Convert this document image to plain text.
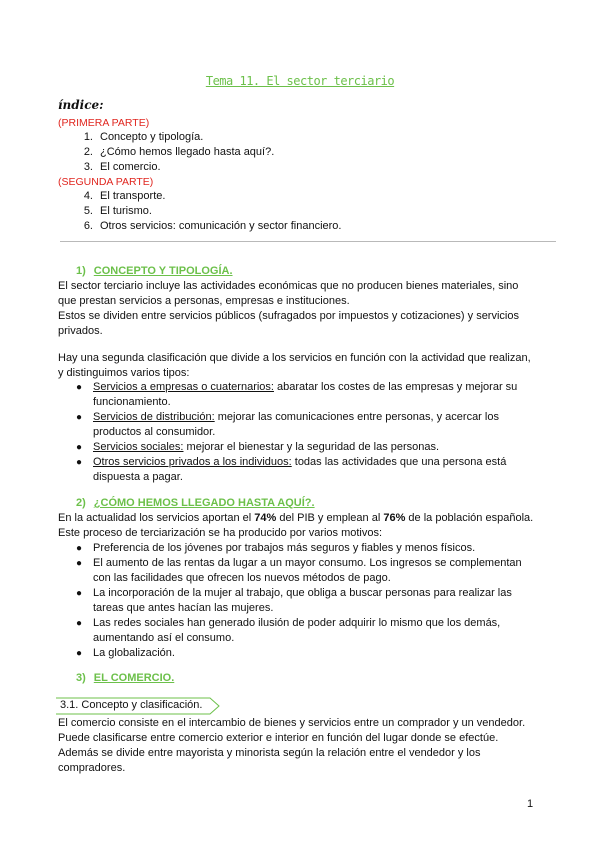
Tema 11. El sector terciario
índice:
(PRIMERA PARTE)
1. Concepto y tipología.
2. ¿Cómo hemos llegado hasta aquí?.
3. El comercio.
(SEGUNDA PARTE)
4. El transporte.
5. El turismo.
6. Otros servicios: comunicación y sector financiero.
1) CONCEPTO Y TIPOLOGÍA.
El sector terciario incluye las actividades económicas que no producen bienes materiales, sino
que prestan servicios a personas, empresas e instituciones.
Estos se dividen entre servicios públicos (sufragados por impuestos y cotizaciones) y servicios
privados.
Hay una segunda clasificación que divide a los servicios en función con la actividad que realizan,
y distinguimos varios tipos:
● Servicios a empresas o cuaternarios: abaratar los costes de las empresas y mejorar su
funcionamiento.
● Servicios de distribución: mejorar las comunicaciones entre personas, y acercar los
productos al consumidor.
● Servicios sociales: mejorar el bienestar y la seguridad de las personas.
● Otros servicios privados a los individuos: todas las actividades que una persona está
dispuesta a pagar.
2) ¿CÓMO HEMOS LLEGADO HASTA AQUÍ?.
En la actualidad los servicios aportan el 74% del PIB y emplean al 76% de la población española.
Este proceso de terciarización se ha producido por varios motivos:
● Preferencia de los jóvenes por trabajos más seguros y fiables y menos físicos.
● El aumento de las rentas da lugar a un mayor consumo. Los ingresos se complementan
con las facilidades que ofrecen los nuevos métodos de pago.
● La incorporación de la mujer al trabajo, que obliga a buscar personas para realizar las
tareas que antes hacían las mujeres.
● Las redes sociales han generado ilusión de poder adquirir lo mismo que los demás,
aumentando así el consumo.
● La globalización.
3) EL COMERCIO.
3.1. Concepto y clasificación.
El comercio consiste en el intercambio de bienes y servicios entre un comprador y un vendedor.
Puede clasificarse entre comercio exterior e interior en función del lugar donde se efectúe.
Además se divide entre mayorista y minorista según la relación entre el vendedor y los
compradores.
1
